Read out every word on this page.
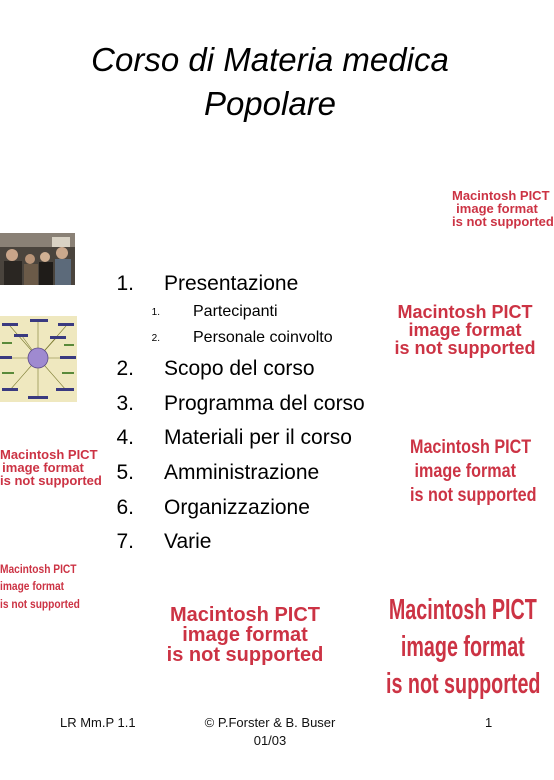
Corso di Materia medica
Popolare
Macintosh PICT
image format
is not supported
Macintosh PICT
image format
is not supported
Macintosh PICT
image format
is not supported
Macintosh PICT
image format
is not supported
Macintosh PICT
image format
is not supported
Macintosh PICT
image format
is not supported
Macintosh PICT
image format
is not supported
1. Presentazione
1. Partecipanti
2. Personale coinvolto
2. Scopo del corso
3. Programma del corso
4. Materiali per il corso
5. Amministrazione
6. Organizzazione
7. Varie
LR Mm.P 1.1	© P.Forster & B. Buser
01/03
1
